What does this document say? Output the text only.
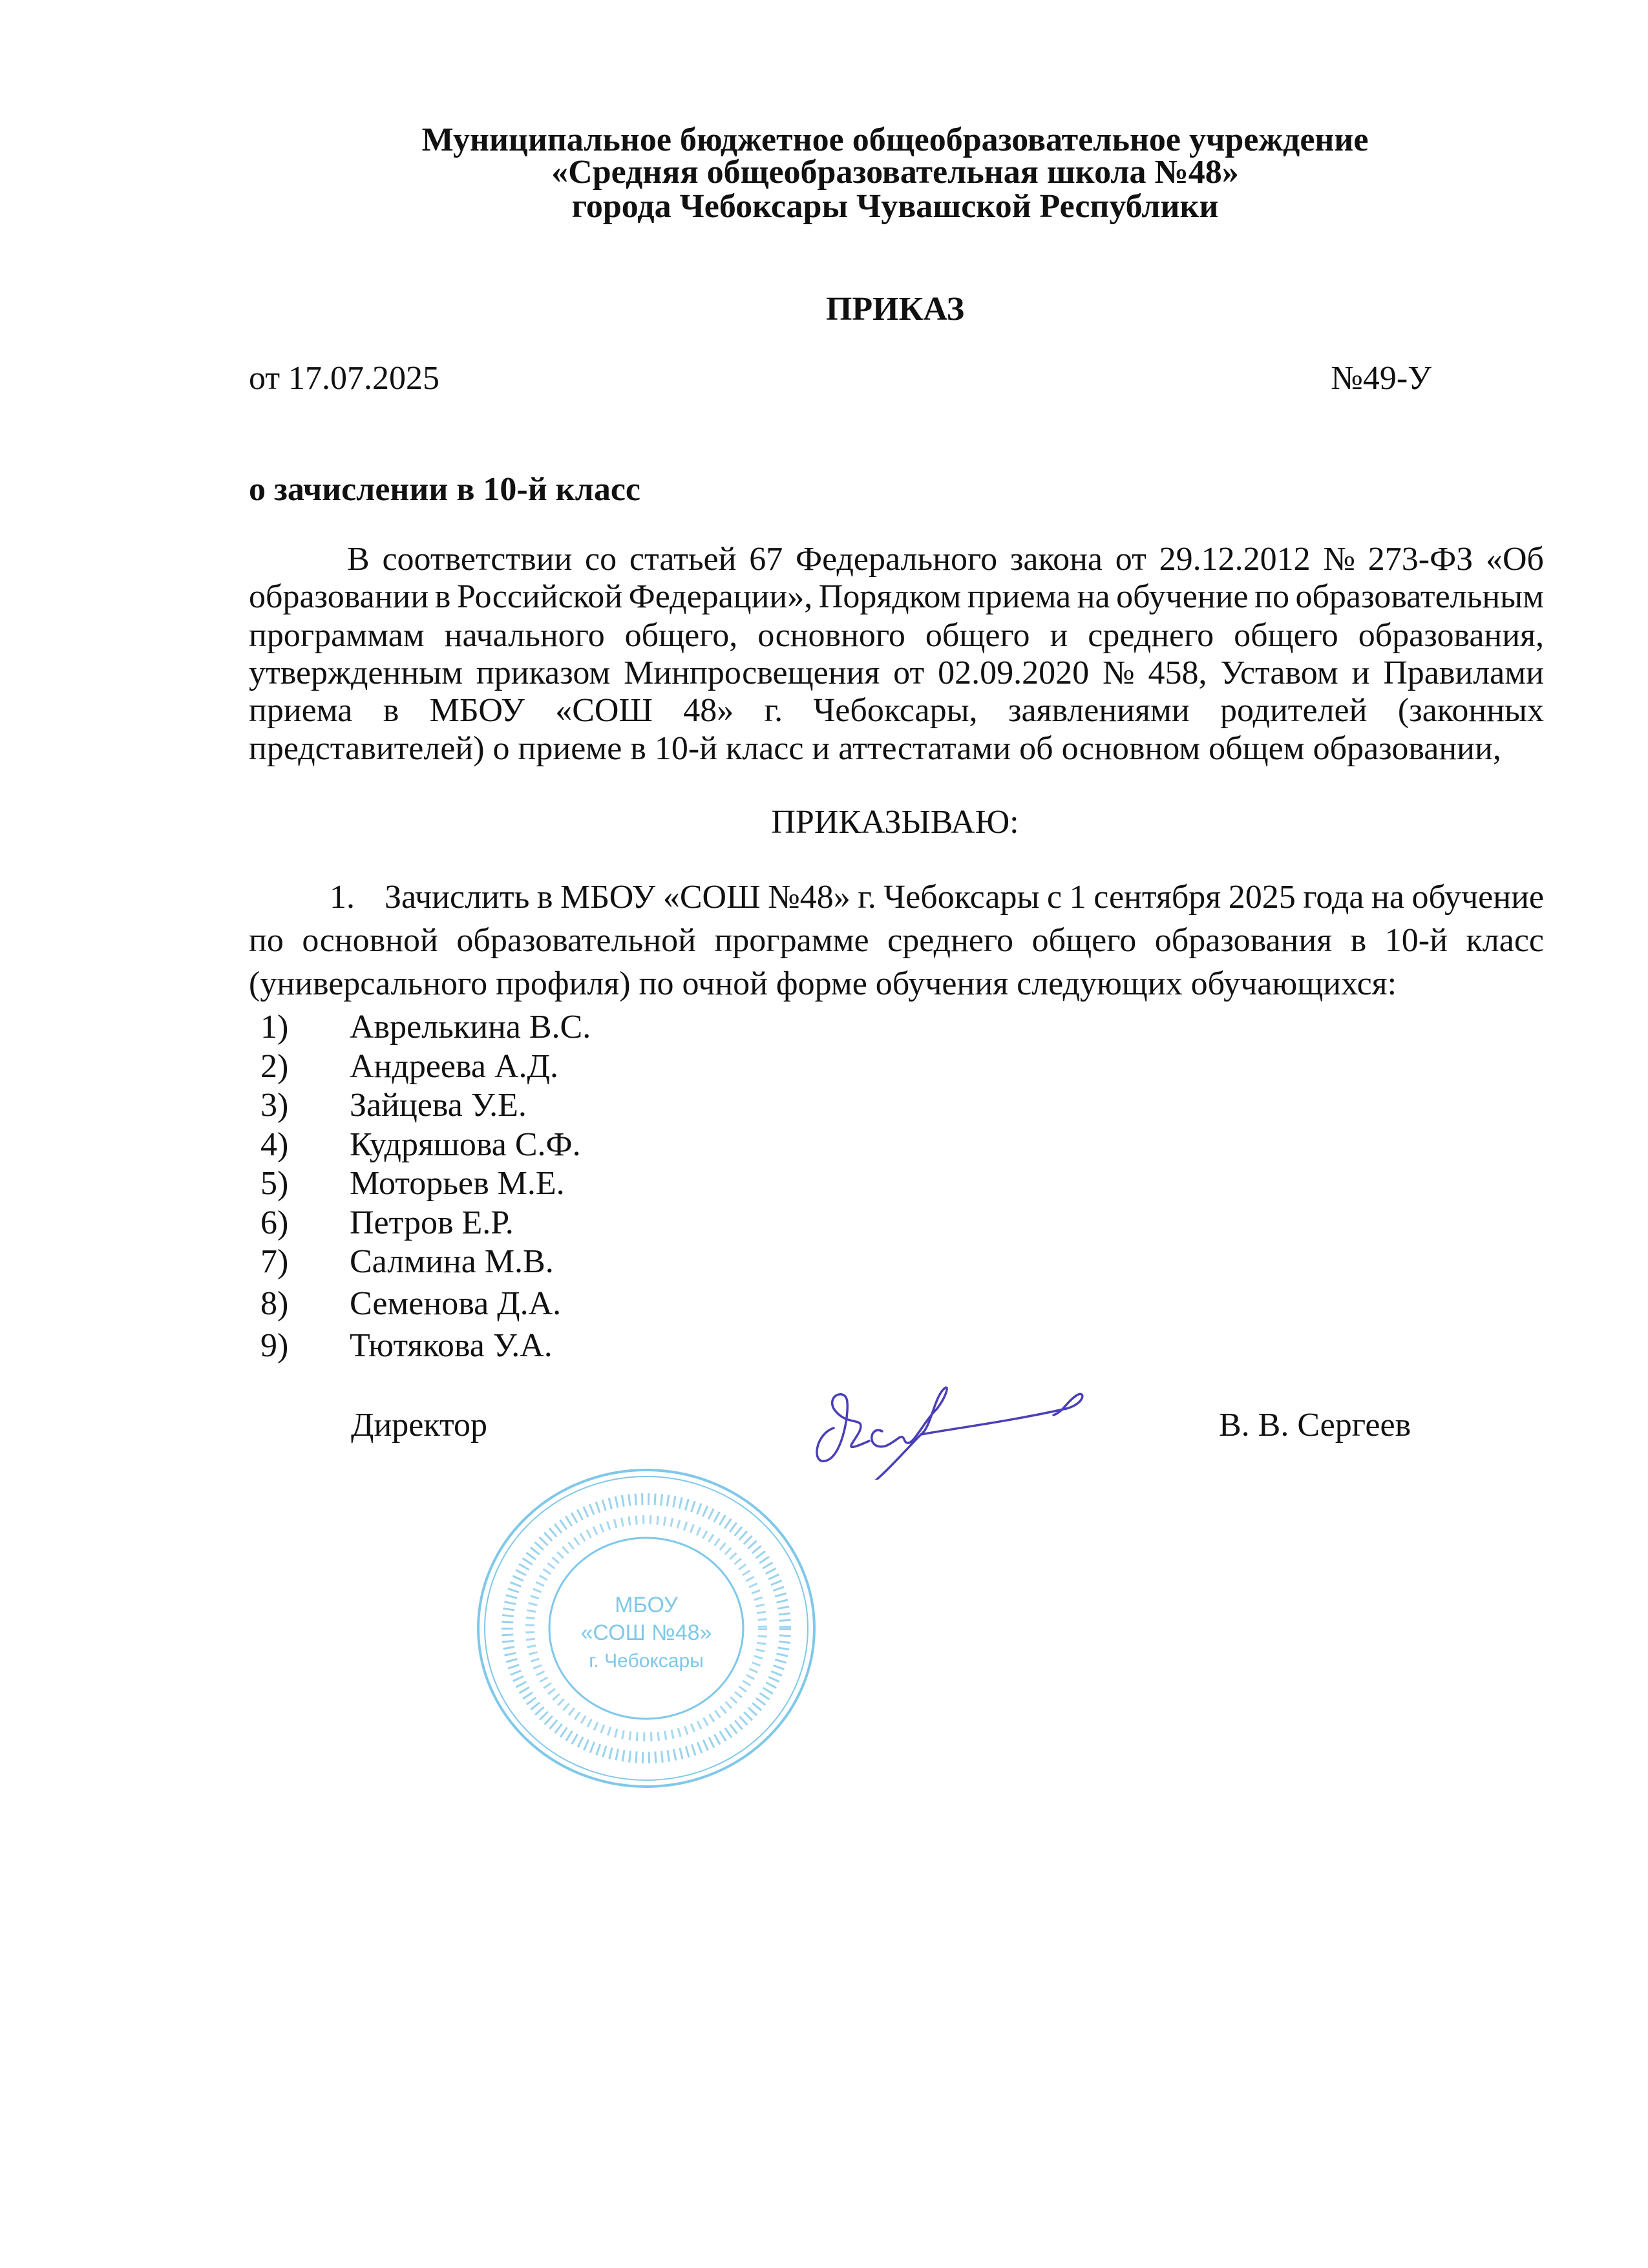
Муниципальное бюджетное общеобразовательное учреждение
«Средняя общеобразовательная школа №48»
города Чебоксары Чувашской Республики
ПРИКАЗ
от 17.07.2025	№49-У
о зачислении в 10-й класс
В соответствии со статьей 67 Федерального закона от 29.12.2012 № 273-ФЗ «Об
образовании в Российской Федерации», Порядком приема на обучение по образовательным
программам начального общего, основного общего и среднего общего образования,
утвержденным приказом Минпросвещения от 02.09.2020 № 458, Уставом и Правилами
приема в МБОУ «СОШ 48» г. Чебоксары, заявлениями родителей (законных
представителей) о приеме в 10-й класс и аттестатами об основном общем образовании,
ПРИКАЗЫВАЮ:
1. Зачислить в МБОУ «СОШ №48» г. Чебоксары с 1 сентября 2025 года на обучение
по основной образовательной программе среднего общего образования в 10-й класс
(универсального профиля) по очной форме обучения следующих обучающихся:
1) Аврелькина В.С.
2) Андреева А.Д.
3) Зайцева У.Е.
4) Кудряшова С.Ф.
5) Моторьев М.Е.
6) Петров Е.Р.
7) Салмина М.В.
8) Семенова Д.А.
9) Тютякова У.А.
Директор	В. В. Сергеев
МБОУ
«СОШ №48»
г. Чебоксары
